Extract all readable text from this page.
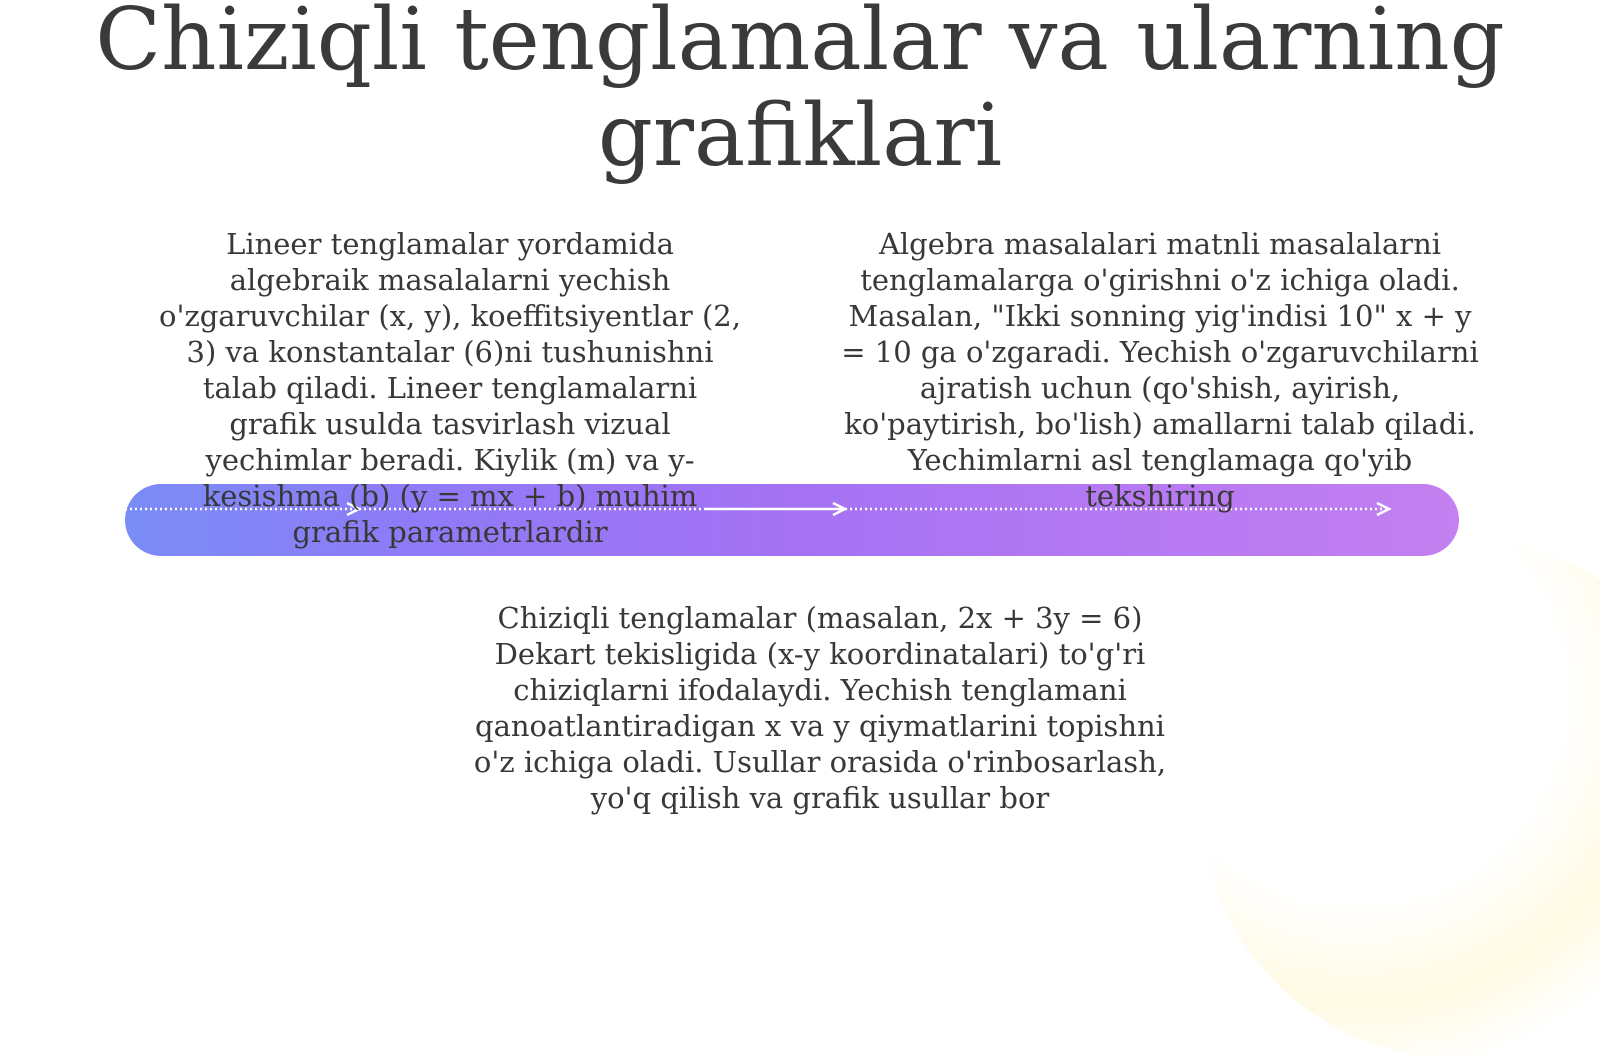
Chiziqli tenglamalar va ularning grafiklari

Lineer tenglamalar yordamida algebraik masalalarni yechish o'zgaruvchilar (x, y), koeffitsiyentlar (2, 3) va konstantalar (6)ni tushunishni talab qiladi. Lineer tenglamalarni grafik usulda tasvirlash vizual yechimlar beradi. Kiylik (m) va y-kesishma (b) (y = mx + b) muhim grafik parametrlardir

Algebra masalalari matnli masalalarni tenglamalarga o'girishni o'z ichiga oladi. Masalan, "Ikki sonning yig'indisi 10" x + y = 10 ga o'zgaradi. Yechish o'zgaruvchilarni ajratish uchun (qo'shish, ayirish, ko'paytirish, bo'lish) amallarni talab qiladi. Yechimlarni asl tenglamaga qo'yib tekshiring

Chiziqli tenglamalar (masalan, 2x + 3y = 6) Dekart tekisligida (x-y koordinatalari) to'g'ri chiziqlarni ifodalaydi. Yechish tenglamani qanoatlantiradigan x va y qiymatlarini topishni o'z ichiga oladi. Usullar orasida o'rinbosarlash, yo'q qilish va grafik usullar bor
